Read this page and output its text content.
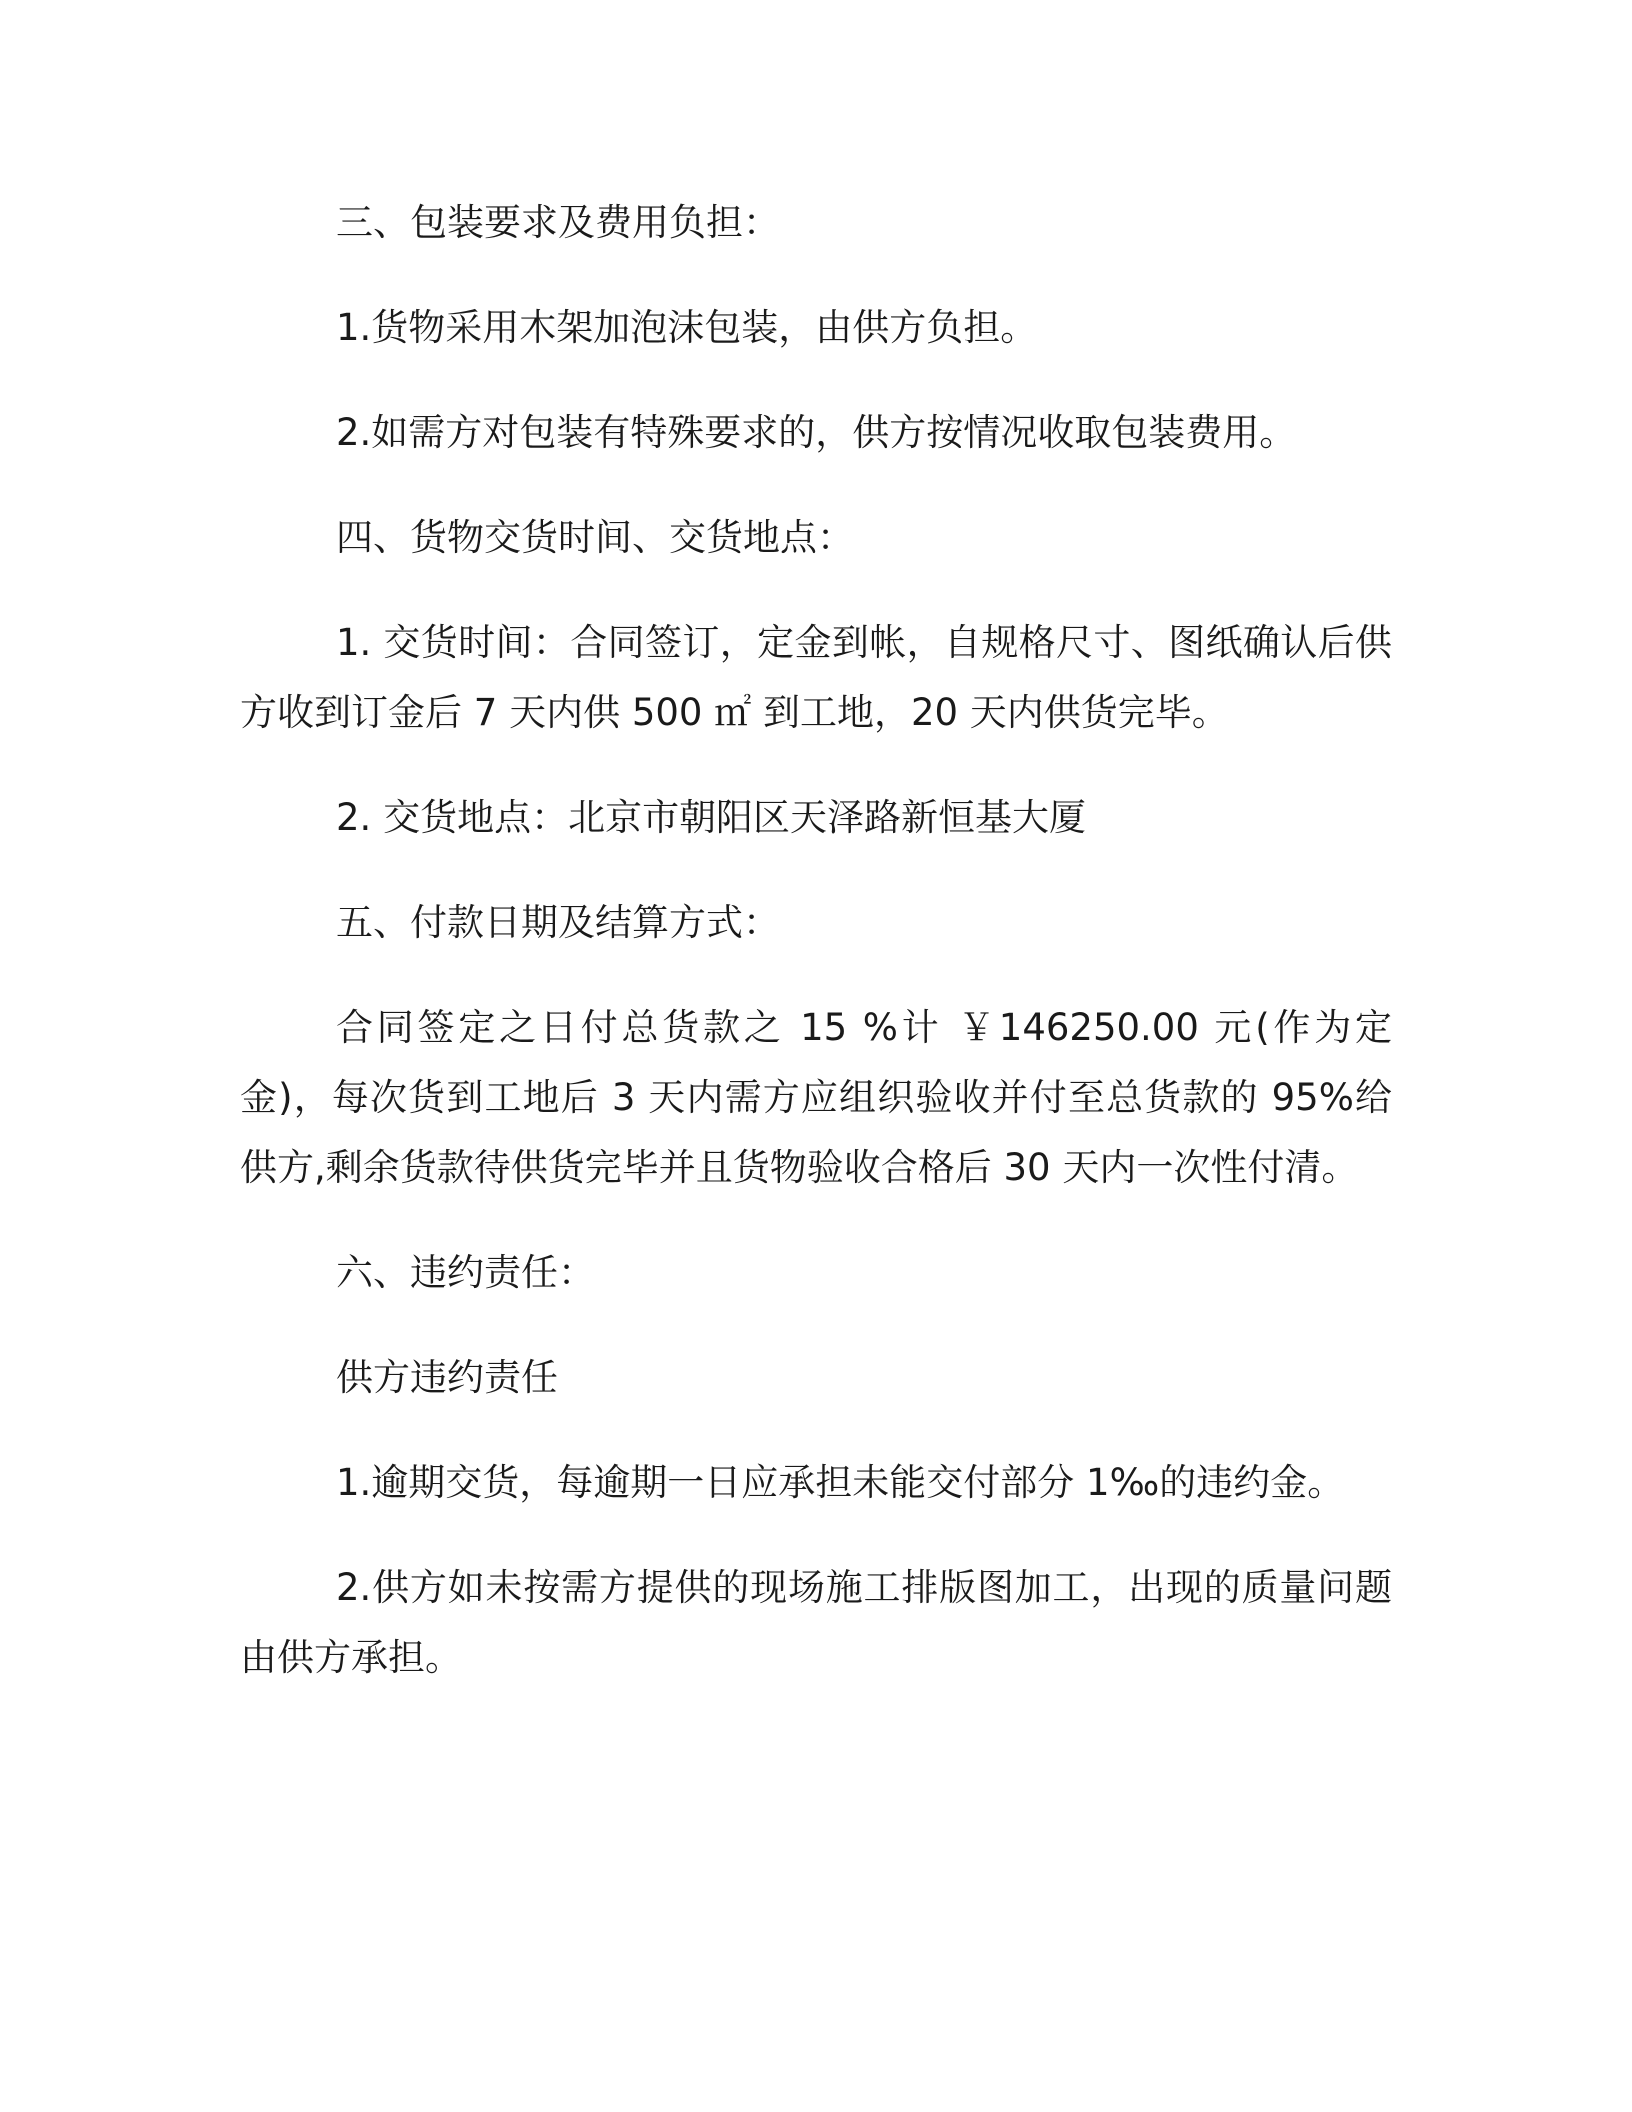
三、包装要求及费用负担：

1.货物采用木架加泡沫包装，由供方负担。

2.如需方对包装有特殊要求的，供方按情况收取包装费用。

四、货物交货时间、交货地点：

1. 交货时间：合同签订，定金到帐，自规格尺寸、图纸确认后供方收到订金后 7 天内供 500 ㎡ 到工地，20 天内供货完毕。

2. 交货地点：北京市朝阳区天泽路新恒基大厦

五、付款日期及结算方式：

合同签定之日付总货款之 15 %计 ￥146250.00 元(作为定金)，每次货到工地后 3 天内需方应组织验收并付至总货款的 95%给供方,剩余货款待供货完毕并且货物验收合格后 30 天内一次性付清。

六、违约责任：

供方违约责任

1.逾期交货，每逾期一日应承担未能交付部分 1‰的违约金。

2.供方如未按需方提供的现场施工排版图加工，出现的质量问题由供方承担。
